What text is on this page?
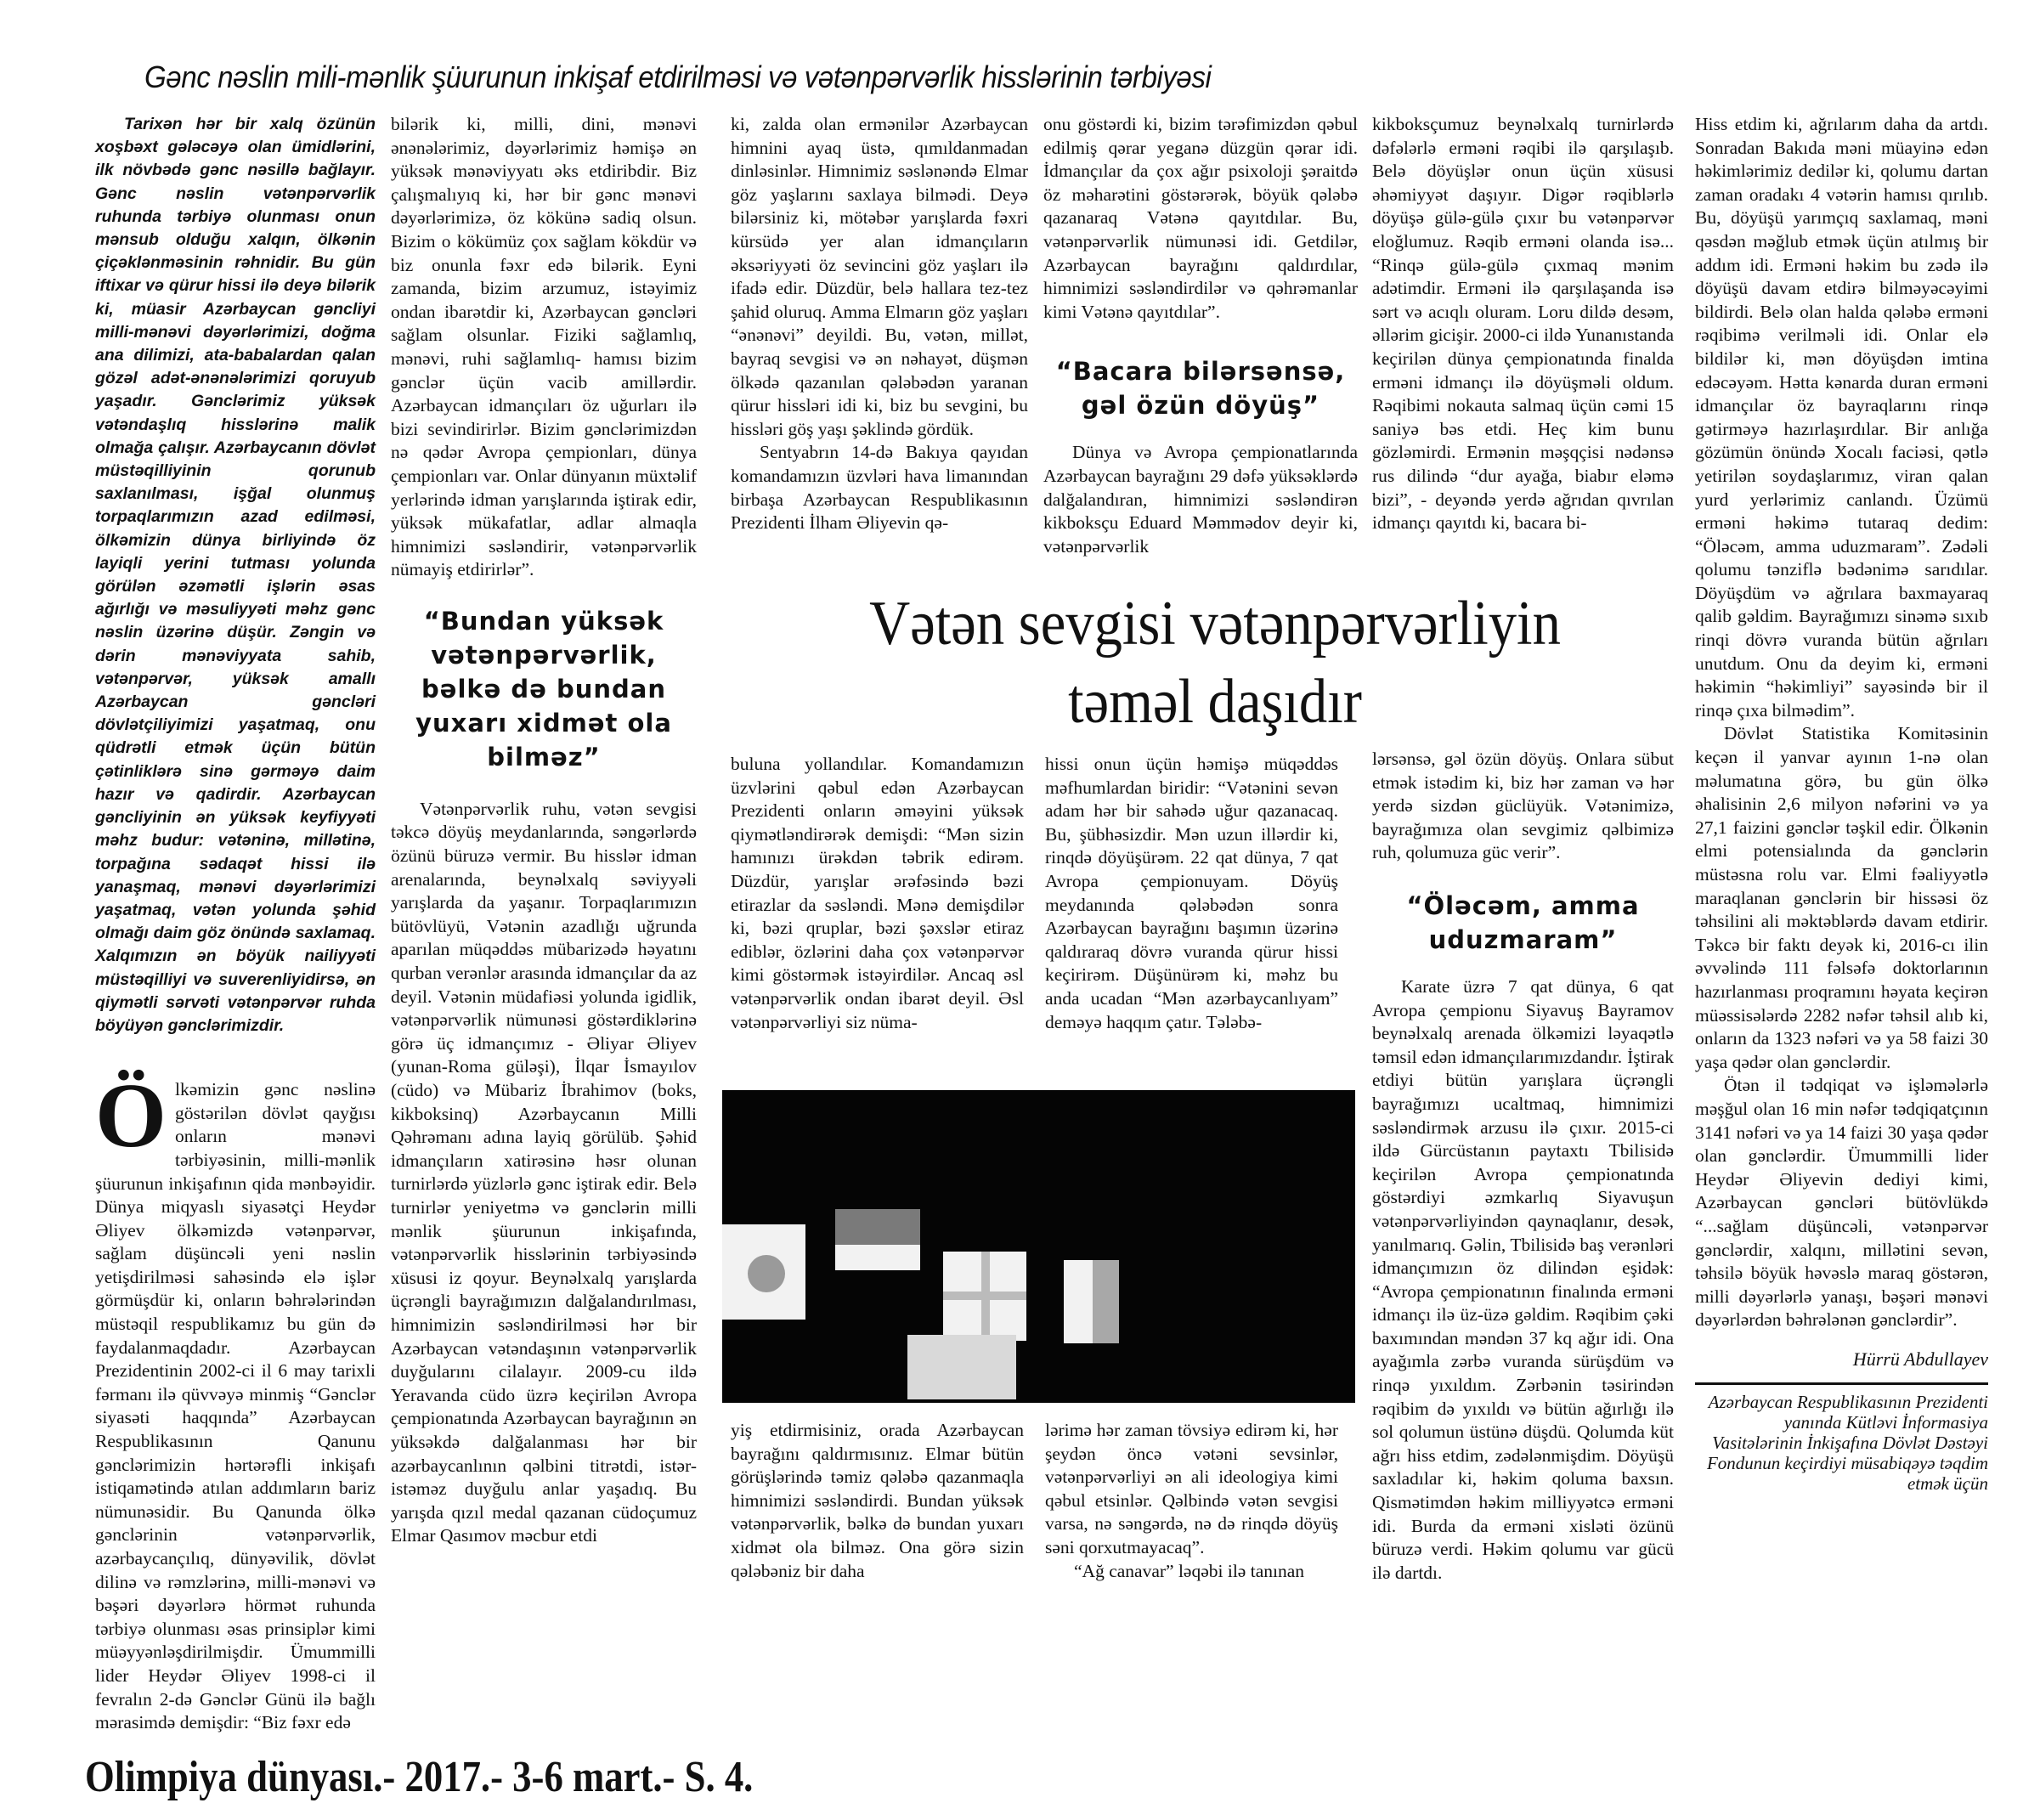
Gənc nəslin mili-mənlik şüurunun inkişaf etdirilməsi və vətənpərvərlik hisslərinin tərbiyəsi

Tarixən hər bir xalq özünün xoşbəxt gələcəyə olan ümidlərini, ilk növbədə gənc nəsillə bağlayır. Gənc nəslin vətənpərvərlik ruhunda tərbiyə olunması onun mənsub olduğu xalqın, ölkənin çiçəklənməsinin rəhnidir. Bu gün iftixar və qürur hissi ilə deyə bilərik ki, müasir Azərbaycan gəncliyi milli-mənəvi dəyərlərimizi, doğma ana dilimizi, ata-babalardan qalan gözəl adət-ənənələrimizi qoruyub yaşadır. Gənclərimiz yüksək vətəndaşlıq hisslərinə malik olmağa çalışır. Azərbaycanın dövlət müstəqilliyinin qorunub saxlanılması, işğal olunmuş torpaqlarımızın azad edilməsi, ölkəmizin dünya birliyində öz layiqli yerini tutması yolunda görülən əzəmətli işlərin əsas ağırlığı və məsuliyyəti məhz gənc nəslin üzərinə düşür. Zəngin və dərin mənəviyyata sahib, vətənpərvər, yüksək amallı Azərbaycan gəncləri dövlətçiliyimizi yaşatmaq, onu qüdrətli etmək üçün bütün çətinliklərə sinə gərməyə daim hazır və qadirdir. Azərbaycan gəncliyinin ən yüksək keyfiyyəti məhz budur: vətəninə, millətinə, torpağına sədaqət hissi ilə yanaşmaq, mənəvi dəyərlərimizi yaşatmaq, vətən yolunda şəhid olmağı daim göz önündə saxlamaq. Xalqımızın ən böyük nailiyyəti müstəqilliyi və suverenliyidirsə, ən qiymətli sərvəti vətənpərvər ruhda böyüyən gənclərimizdir.

Ö lkəmizin gənc nəslinə göstərilən dövlət qayğısı onların mənəvi tərbiyəsinin, milli-mənlik şüurunun inkişafının qida mənbəyidir. Dünya miqyaslı siyasətçi Heydər Əliyev ölkəmizdə vətənpərvər, sağlam düşüncəli yeni nəslin yetişdirilməsi sahəsində elə işlər görmüşdür ki, onların bəhrələrindən müstəqil respublikamız bu gün də faydalanmaqdadır. Azərbaycan Prezidentinin 2002-ci il 6 may tarixli fərmanı ilə qüvvəyə minmiş “Gənclər siyasəti haqqında” Azərbaycan Respublikasının Qanunu gənclərimizin hərtərəfli inkişafı istiqamətində atılan addımların bariz nümunəsidir. Bu Qanunda ölkə gənclərinin vətənpərvərlik, azərbaycançılıq, dünyəvilik, dövlət dilinə və rəmzlərinə, milli-mənəvi və bəşəri dəyərlərə hörmət ruhunda tərbiyə olunması əsas prinsiplər kimi müəyyənləşdirilmişdir. Ümummilli lider Heydər Əliyev 1998-ci il fevralın 2-də Gənclər Günü ilə bağlı mərasimdə demişdir: “Biz fəxr edə

bilərik ki, milli, dini, mənəvi ənənələrimiz, dəyərlərimiz həmişə ən yüksək mənəviyyatı əks etdiribdir. Biz çalışmalıyıq ki, hər bir gənc mənəvi dəyərlərimizə, öz kökünə sadiq olsun. Bizim o kökümüz çox sağlam kökdür və biz onunla fəxr edə bilərik. Eyni zamanda, bizim arzumuz, istəyimiz ondan ibarətdir ki, Azərbaycan gəncləri sağlam olsunlar. Fiziki sağlamlıq, mənəvi, ruhi sağlamlıq- hamısı bizim gənclər üçün vacib amillərdir. Azərbaycan idmançıları öz uğurları ilə bizi sevindirirlər. Bizim gənclərimizdən nə qədər Avropa çempionları, dünya çempionları var. Onlar dünyanın müxtəlif yerlərində idman yarışlarında iştirak edir, yüksək mükafatlar, adlar almaqla himnimizi səsləndirir, vətənpərvərlik nümayiş etdirirlər”.

“Bundan yüksək vətənpərvərlik, bəlkə də bundan yuxarı xidmət ola bilməz”

Vətənpərvərlik ruhu, vətən sevgisi təkcə döyüş meydanlarında, səngərlərdə özünü büruzə vermir. Bu hisslər idman arenalarında, beynəlxalq səviyyəli yarışlarda da yaşanır. Torpaqlarımızın bütövlüyü, Vətənin azadlığı uğrunda aparılan müqəddəs mübarizədə həyatını qurban verənlər arasında idmançılar da az deyil. Vətənin müdafiəsi yolunda igidlik, vətənpərvərlik nümunəsi göstərdiklərinə görə üç idmançımız - Əliyar Əliyev (yunan-Roma güləşi), İlqar İsmayılov (cüdo) və Mübariz İbrahimov (boks, kikboksinq) Azərbaycanın Milli Qəhrəmanı adına layiq görülüb. Şəhid idmançıların xatirəsinə həsr olunan turnirlərdə yüzlərlə gənc iştirak edir. Belə turnirlər yeniyetmə və gənclərin milli mənlik şüurunun inkişafında, vətənpərvərlik hisslərinin tərbiyəsində xüsusi iz qoyur. Beynəlxalq yarışlarda üçrəngli bayrağımızın dalğalandırılması, himnimizin səsləndirilməsi hər bir Azərbaycan vətəndaşının vətənpərvərlik duyğularını cilalayır. 2009-cu ildə Yeravanda cüdo üzrə keçirilən Avropa çempionatında Azərbaycan bayrağının ən yüksəkdə dalğalanması hər bir azərbaycanlının qəlbini titrətdi, istər-istəməz duyğulu anlar yaşadıq. Bu yarışda qızıl medal qazanan cüdoçumuz Elmar Qasımov məcbur etdi

ki, zalda olan ermənilər Azərbaycan himnini ayaq üstə, qımıldanmadan dinləsinlər. Himnimiz səslənəndə Elmar göz yaşlarını saxlaya bilmədi. Deyə bilərsiniz ki, mötəbər yarışlarda fəxri kürsüdə yer alan idmançıların əksəriyyəti öz sevincini göz yaşları ilə ifadə edir. Düzdür, belə hallara tez-tez şahid oluruq. Amma Elmarın göz yaşları “ənənəvi” deyildi. Bu, vətən, millət, bayraq sevgisi və ən nəhayət, düşmən ölkədə qazanılan qələbədən yaranan qürur hissləri idi ki, biz bu sevgini, bu hissləri göş yaşı şəklində gördük.

Sentyabrın 14-də Bakıya qayıdan komandamızın üzvləri hava limanından birbaşa Azərbaycan Respublikasının Prezidenti İlham Əliyevin qə-

onu göstərdi ki, bizim tərəfimizdən qəbul edilmiş qərar yeganə düzgün qərar idi. İdmançılar da çox ağır psixoloji şəraitdə öz məharətini göstərərək, böyük qələbə qazanaraq Vətənə qayıtdılar. Bu, vətənpərvərlik nümunəsi idi. Getdilər, Azərbaycan bayrağını qaldırdılar, himnimizi səsləndirdilər və qəhrəmanlar kimi Vətənə qayıtdılar”.

“Bacara bilərsənsə, gəl özün döyüş”

Dünya və Avropa çempionatlarında Azərbaycan bayrağını 29 dəfə yüksəklərdə dalğalandıran, himnimizi səsləndirən kikboksçu Eduard Məmmədov deyir ki, vətənpərvərlik

kikboksçumuz beynəlxalq turnirlərdə dəfələrlə erməni rəqibi ilə qarşılaşıb. Belə döyüşlər onun üçün xüsusi əhəmiyyət daşıyır. Digər rəqiblərlə döyüşə gülə-gülə çıxır bu vətənpərvər eloğlumuz. Rəqib erməni olanda isə... “Rinqə gülə-gülə çıxmaq mənim adətimdir. Erməni ilə qarşılaşanda isə sərt və acıqlı oluram. Loru dildə desəm, əllərim gicişir. 2000-ci ildə Yunanıstanda keçirilən dünya çempionatında finalda erməni idmançı ilə döyüşməli oldum. Rəqibimi nokauta salmaq üçün cəmi 15 saniyə bəs etdi. Heç kim bunu gözləmirdi. Ermənin məşqçisi nədənsə rus dilində “dur ayağa, biabır eləmə bizi”, - deyəndə yerdə ağrıdan qıvrılan idmançı qayıtdı ki, bacara bi-

Vətən sevgisi vətənpərvərliyin
təməl daşıdır

buluna yollandılar. Komandamızın üzvlərini qəbul edən Azərbaycan Prezidenti onların əməyini yüksək qiymətləndirərək demişdi: “Mən sizin hamınızı ürəkdən təbrik edirəm. Düzdür, yarışlar ərəfəsində bəzi etirazlar da səsləndi. Mənə demişdilər ki, bəzi qruplar, bəzi şəxslər etiraz ediblər, özlərini daha çox vətənpərvər kimi göstərmək istəyirdilər. Ancaq əsl vətənpərvərlik ondan ibarət deyil. Əsl vətənpərvərliyi siz nüma-

hissi onun üçün həmişə müqəddəs məfhumlardan biridir: “Vətənini sevən adam hər bir sahədə uğur qazanacaq. Bu, şübhəsizdir. Mən uzun illərdir ki, rinqdə döyüşürəm. 22 qat dünya, 7 qat Avropa çempionuyam. Döyüş meydanında qələbədən sonra Azərbaycan bayrağını başımın üzərinə qaldıraraq dövrə vuranda qürur hissi keçirirəm. Düşünürəm ki, məhz bu anda ucadan “Mən azərbaycanlıyam” deməyə haqqım çatır. Tələbə-

lərsənsə, gəl özün döyüş. Onlara sübut etmək istədim ki, biz hər zaman və hər yerdə sizdən güclüyük. Vətənimizə, bayrağımıza olan sevgimiz qəlbimizə ruh, qolumuza güc verir”.

“Öləcəm, amma uduzmaram”

Karate üzrə 7 qat dünya, 6 qat Avropa çempionu Siyavuş Bayramov beynəlxalq arenada ölkəmizi ləyaqətlə təmsil edən idmançılarımızdandır. İştirak etdiyi bütün yarışlara üçrəngli bayrağımızı ucaltmaq, himnimizi səsləndirmək arzusu ilə çıxır. 2015-ci ildə Gürcüstanın paytaxtı Tbilisidə keçirilən Avropa çempionatında göstərdiyi əzmkarlıq Siyavuşun vətənpərvərliyindən qaynaqlanır, desək, yanılmarıq. Gəlin, Tbilisidə baş verənləri idmançımızın öz dilindən eşidək: “Avropa çempionatının finalında erməni idmançı ilə üz-üzə gəldim. Rəqibim çəki baxımından məndən 37 kq ağır idi. Ona ayağımla zərbə vuranda sürüşdüm və rinqə yıxıldım. Zərbənin təsirindən rəqibim də yıxıldı və bütün ağırlığı ilə sol qolumun üstünə düşdü. Qolumda küt ağrı hiss etdim, zədələnmişdim. Döyüşü saxladılar ki, həkim qoluma baxsın. Qismətimdən həkim milliyyətcə erməni idi. Burda da erməni xisləti özünü büruzə verdi. Həkim qolumu var gücü ilə dartdı.

yiş etdirmisiniz, orada Azərbaycan bayrağını qaldırmısınız. Elmar bütün görüşlərində təmiz qələbə qazanmaqla himnimizi səsləndirdi. Bundan yüksək vətənpərvərlik, bəlkə də bundan yuxarı xidmət ola bilməz. Ona görə sizin qələbəniz bir daha

lərimə hər zaman tövsiyə edirəm ki, hər şeydən öncə vətəni sevsinlər, vətənpərvərliyi ən ali ideologiya kimi qəbul etsinlər. Qəlbində vətən sevgisi varsa, nə səngərdə, nə də rinqdə döyüş səni qorxutmayacaq”.

“Ağ canavar” ləqəbi ilə tanınan

Hiss etdim ki, ağrılarım daha da artdı. Sonradan Bakıda məni müayinə edən həkimlərimiz dedilər ki, qolumu dartan zaman oradakı 4 vətərin hamısı qırılıb. Bu, döyüşü yarımçıq saxlamaq, məni qəsdən məğlub etmək üçün atılmış bir addım idi. Erməni həkim bu zədə ilə döyüşü davam etdirə bilməyəcəyimi bildirdi. Belə olan halda qələbə erməni rəqibimə verilməli idi. Onlar elə bildilər ki, mən döyüşdən imtina edəcəyəm. Hətta kənarda duran erməni idmançılar öz bayraqlarını rinqə gətirməyə hazırlaşırdılar. Bir anlığa gözümün önündə Xocalı faciəsi, qətlə yetirilən soydaşlarımız, viran qalan yurd yerlərimiz canlandı. Üzümü erməni həkimə tutaraq dedim: “Öləcəm, amma uduzmaram”. Zədəli qolumu tənziflə bədənimə sarıdılar. Döyüşdüm və ağrılara baxmayaraq qalib gəldim. Bayrağımızı sinəmə sıxıb rinqi dövrə vuranda bütün ağrıları unutdum. Onu da deyim ki, erməni həkimin “həkimliyi” sayəsində bir il rinqə çıxa bilmədim”.

Dövlət Statistika Komitəsinin keçən il yanvar ayının 1-nə olan məlumatına görə, bu gün ölkə əhalisinin 2,6 milyon nəfərini və ya 27,1 faizini gənclər təşkil edir. Ölkənin elmi potensialında da gənclərin müstəsna rolu var. Elmi fəaliyyətlə maraqlanan gənclərin bir hissəsi öz təhsilini ali məktəblərdə davam etdirir. Təkcə bir faktı deyək ki, 2016-cı ilin əvvəlində 111 fəlsəfə doktorlarının hazırlanması proqramını həyata keçirən müəssisələrdə 2282 nəfər təhsil alıb ki, onların da 1323 nəfəri və ya 58 faizi 30 yaşa qədər olan gənclərdir.

Ötən il tədqiqat və işləmələrlə məşğul olan 16 min nəfər tədqiqatçının 3141 nəfəri və ya 14 faizi 30 yaşa qədər olan gənclərdir. Ümummilli lider Heydər Əliyevin dediyi kimi, Azərbaycan gəncləri bütövlükdə “...sağlam düşüncəli, vətənpərvər gənclərdir, xalqını, millətini sevən, təhsilə böyük həvəslə maraq göstərən, milli dəyərlərlə yanaşı, bəşəri mənəvi dəyərlərdən bəhrələnən gənclərdir”.

Hürrü Abdullayev
Azərbaycan Respublikasının Prezidenti yanında Kütləvi İnformasiya Vasitələrinin İnkişafına Dövlət Dəstəyi Fondunun keçirdiyi müsabiqəyə təqdim etmək üçün
Olimpiya dünyası.- 2017.- 3-6 mart.- S. 4.
